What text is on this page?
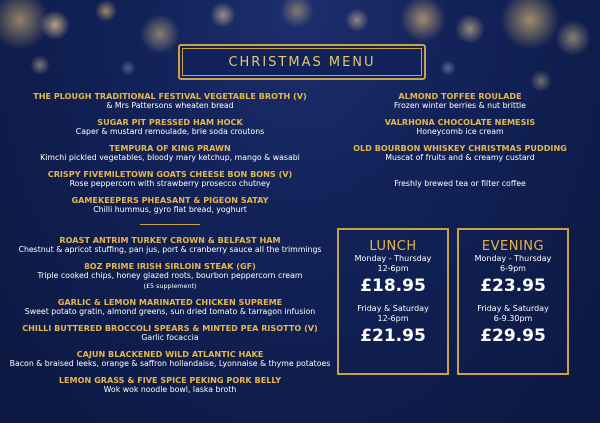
CHRISTMAS MENU
THE PLOUGH TRADITIONAL FESTIVAL VEGETABLE BROTH (V)
& Mrs Pattersons wheaten bread
SUGAR PIT PRESSED HAM HOCK
Caper & mustard remoulade, brie soda croutons
TEMPURA OF KING PRAWN
Kimchi pickled vegetables, bloody mary ketchup, mango & wasabi
CRISPY FIVEMILETOWN GOATS CHEESE BON BONS (V)
Rose peppercorn with strawberry prosecco chutney
GAMEKEEPERS PHEASANT & PIGEON SATAY
Chilli hummus, gyro flat bread, yoghurt
ROAST ANTRIM TURKEY CROWN & BELFAST HAM
Chestnut & apricot stuffing, pan jus, port & cranberry sauce all the trimmings
8OZ PRIME IRISH SIRLOIN STEAK (GF)
Triple cooked chips, honey glazed roots, bourbon peppercorn cream
(£5 supplement)
GARLIC & LEMON MARINATED CHICKEN SUPREME
Sweet potato gratin, almond greens, sun dried tomato & tarragon infusion
CHILLI BUTTERED BROCCOLI SPEARS & MINTED PEA RISOTTO (V)
Garlic focaccia
CAJUN BLACKENED WILD ATLANTIC HAKE
Bacon & braised leeks, orange & saffron hollandaise, Lyonnaise & thyme potatoes
LEMON GRASS & FIVE SPICE PEKING PORK BELLY
Wok wok noodle bowl, laska broth
ALMOND TOFFEE ROULADE
Frozen winter berries & nut brittle
VALRHONA CHOCOLATE NEMESIS
Honeycomb ice cream
OLD BOURBON WHISKEY CHRISTMAS PUDDING
Muscat of fruits and & creamy custard
Freshly brewed tea or filter coffee
LUNCH
Monday - Thursday
12-6pm
£18.95
Friday & Saturday
12-6pm
£21.95
EVENING
Monday - Thursday
6-9pm
£23.95
Friday & Saturday
6-9.30pm
£29.95
